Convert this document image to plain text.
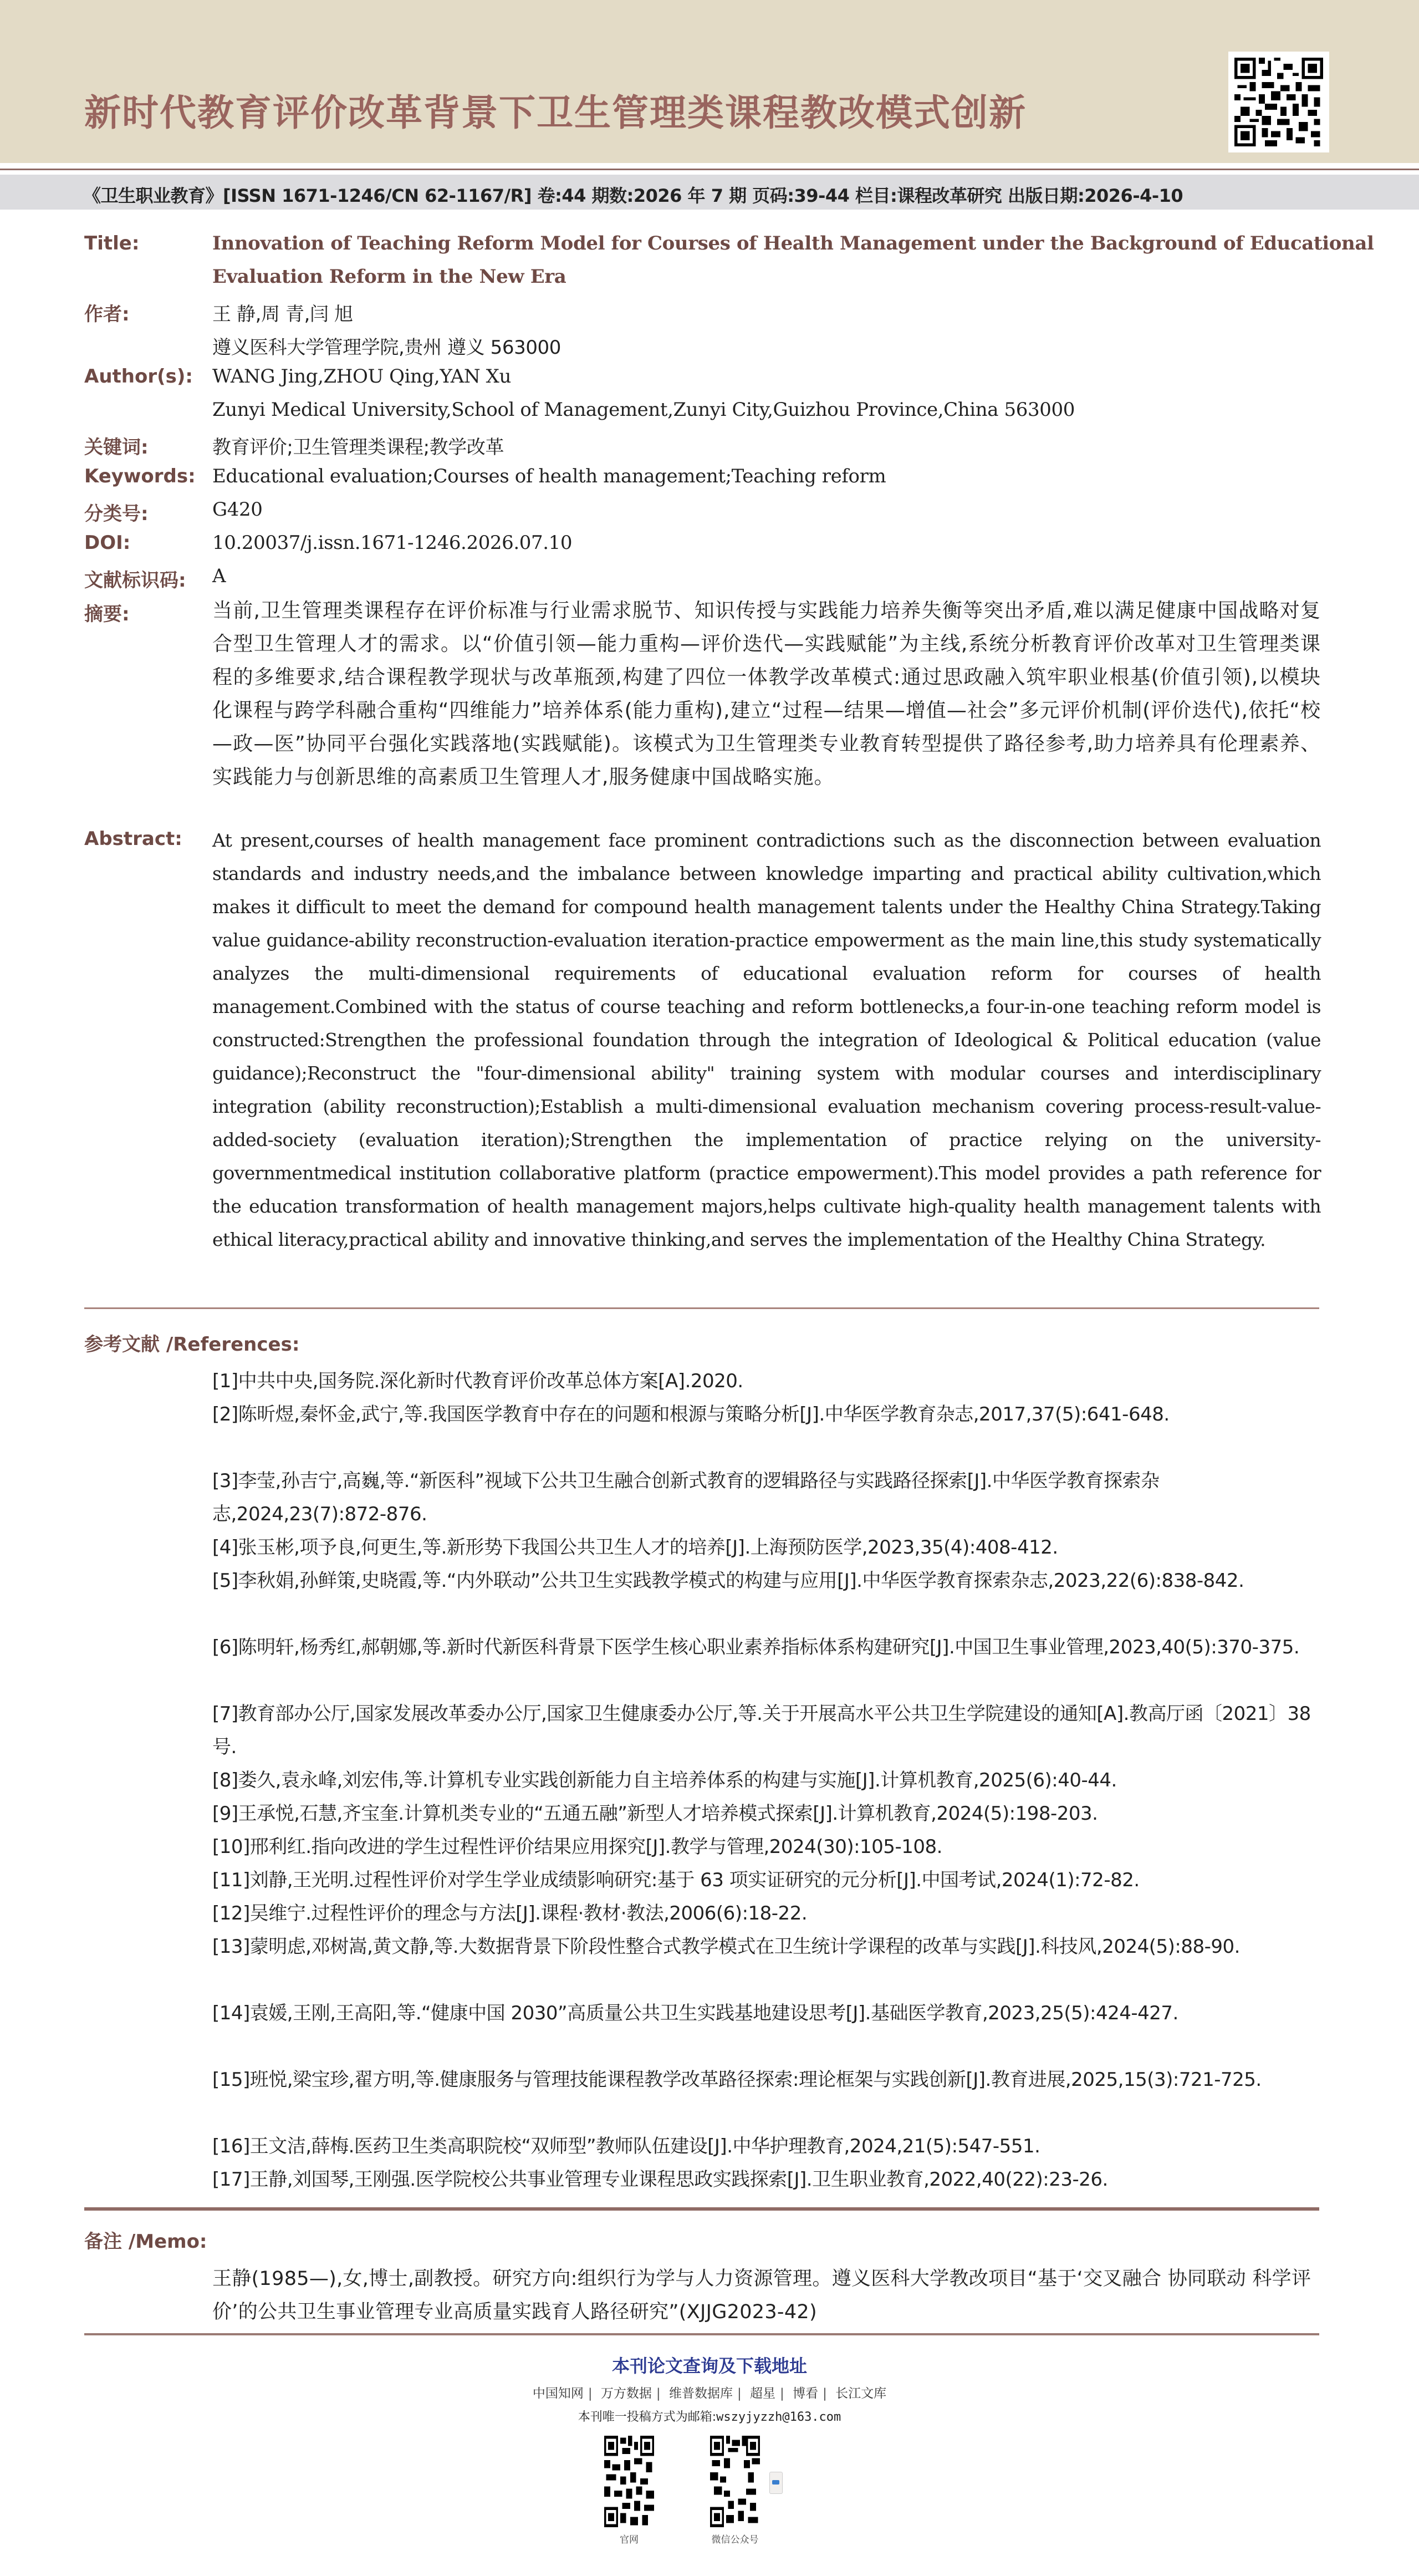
新时代教育评价改革背景下卫生管理类课程教改模式创新
《卫生职业教育》[ISSN 1671-1246/CN 62-1167/R] 卷:44 期数:2026 年 7 期 页码:39-44 栏目:课程改革研究 出版日期:2026-4-10
Title:	Innovation of Teaching Reform Model for Courses of Health Management under the Background of Educational
Evaluation Reform in the New Era
作者:	王 静,周 青,闫 旭
遵义医科大学管理学院,贵州 遵义 563000
Author(s): WANG Jing,ZHOU Qing,YAN Xu
Zunyi Medical University,School of Management,Zunyi City,Guizhou Province,China 563000
关键词:	教育评价;卫生管理类课程;教学改革
Keywords: Educational evaluation;Courses of health management;Teaching reform
分类号:	G420
DOI:	10.20037/j.issn.1671-1246.2026.07.10
文献标识码: A
摘要:	当前,卫生管理类课程存在评价标准与行业需求脱节、知识传授与实践能力培养失衡等突出矛盾,难以满足健康中国战略对复合型卫生管理人才的需求。以“价值引领—能力重构—评价迭代—实践赋能”为主线,系统分析教育评价改革对卫生管理类课程的多维要求,结合课程教学现状与改革瓶颈,构建了四位一体教学改革模式:通过思政融入筑牢职业根基(价值引领),以模块化课程与跨学科融合重构“四维能力”培养体系(能力重构),建立“过程—结果—增值—社会”多元评价机制(评价迭代),依托“校—政—医”协同平台强化实践落地(实践赋能)。该模式为卫生管理类专业教育转型提供了路径参考,助力培养具有伦理素养、实践能力与创新思维的高素质卫生管理人才,服务健康中国战略实施。
Abstract: At present,courses of health management face prominent contradictions such as the disconnection between evaluation standards and industry needs,and the imbalance between knowledge imparting and practical ability cultivation,which makes it difficult to meet the demand for compound health management talents under the Healthy China Strategy.Taking value guidance-ability reconstruction-evaluation iteration-practice empowerment as the main line,this study systematically analyzes the multi-dimensional requirements of educational evaluation reform for courses of health management.Combined with the status of course teaching and reform bottlenecks,a four-in-one teaching reform model is constructed:Strengthen the professional foundation through the integration of Ideological & Political education (value guidance);Reconstruct the "four-dimensional ability" training system with modular courses and interdisciplinary integration (ability reconstruction);Establish a multi-dimensional evaluation mechanism covering process-result-value-added-society (evaluation iteration);Strengthen the implementation of practice relying on the university-governmentmedical institution collaborative platform (practice empowerment).This model provides a path reference for the education transformation of health management majors,helps cultivate high-quality health management talents with ethical literacy,practical ability and innovative thinking,and serves the implementation of the Healthy China Strategy.
参考文献 /References:
[1]中共中央,国务院.深化新时代教育评价改革总体方案[A].2020.
[2]陈昕煜,秦怀金,武宁,等.我国医学教育中存在的问题和根源与策略分析[J].中华医学教育杂志,2017,37(5):641-648.
[3]李莹,孙吉宁,高巍,等.“新医科”视域下公共卫生融合创新式教育的逻辑路径与实践路径探索[J].中华医学教育探索杂志,2024,23(7):872-876.
[4]张玉彬,项予良,何更生,等.新形势下我国公共卫生人才的培养[J].上海预防医学,2023,35(4):408-412.
[5]李秋娟,孙鲜策,史晓霞,等.“内外联动”公共卫生实践教学模式的构建与应用[J].中华医学教育探索杂志,2023,22(6):838-842.
[6]陈明轩,杨秀红,郝朝娜,等.新时代新医科背景下医学生核心职业素养指标体系构建研究[J].中国卫生事业管理,2023,40(5):370-375.
[7]教育部办公厅,国家发展改革委办公厅,国家卫生健康委办公厅,等.关于开展高水平公共卫生学院建设的通知[A].教高厅函〔2021〕38 号.
[8]娄久,袁永峰,刘宏伟,等.计算机专业实践创新能力自主培养体系的构建与实施[J].计算机教育,2025(6):40-44.
[9]王承悦,石慧,齐宝奎.计算机类专业的“五通五融”新型人才培养模式探索[J].计算机教育,2024(5):198-203.
[10]邢利红.指向改进的学生过程性评价结果应用探究[J].教学与管理,2024(30):105-108.
[11]刘静,王光明.过程性评价对学生学业成绩影响研究:基于 63 项实证研究的元分析[J].中国考试,2024(1):72-82.
[12]吴维宁.过程性评价的理念与方法[J].课程·教材·教法,2006(6):18-22.
[13]蒙明虑,邓树嵩,黄文静,等.大数据背景下阶段性整合式教学模式在卫生统计学课程的改革与实践[J].科技风,2024(5):88-90.
[14]袁媛,王刚,王高阳,等.“健康中国 2030”高质量公共卫生实践基地建设思考[J].基础医学教育,2023,25(5):424-427.
[15]班悦,梁宝珍,翟方明,等.健康服务与管理技能课程教学改革路径探索:理论框架与实践创新[J].教育进展,2025,15(3):721-725.
[16]王文洁,薛梅.医药卫生类高职院校“双师型”教师队伍建设[J].中华护理教育,2024,21(5):547-551.
[17]王静,刘国琴,王刚强.医学院校公共事业管理专业课程思政实践探索[J].卫生职业教育,2022,40(22):23-26.
备注 /Memo:
王静(1985—),女,博士,副教授。研究方向:组织行为学与人力资源管理。遵义医科大学教改项目“基于‘交叉融合 协同联动 科学评价’的公共卫生事业管理专业高质量实践育人路径研究”(XJJG2023-42)
本刊论文查询及下载地址
中国知网 | 万方数据 | 维普数据库 | 超星 | 博看 | 长江文库
本刊唯一投稿方式为邮箱:wszyjyzzh@163.com
官网	微信公众号
